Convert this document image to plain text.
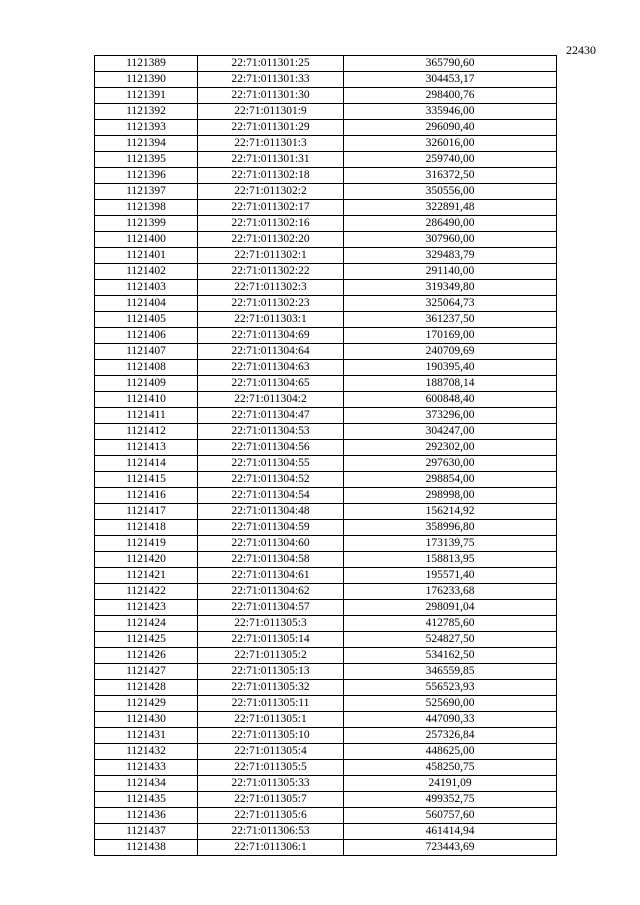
22430
1121389	22:71:011301:25	365790,60
1121390	22:71:011301:33	304453,17
1121391	22:71:011301:30	298400,76
1121392	22:71:011301:9	335946,00
1121393	22:71:011301:29	296090,40
1121394	22:71:011301:3	326016,00
1121395	22:71:011301:31	259740,00
1121396	22:71:011302:18	316372,50
1121397	22:71:011302:2	350556,00
1121398	22:71:011302:17	322891,48
1121399	22:71:011302:16	286490,00
1121400	22:71:011302:20	307960,00
1121401	22:71:011302:1	329483,79
1121402	22:71:011302:22	291140,00
1121403	22:71:011302:3	319349,80
1121404	22:71:011302:23	325064,73
1121405	22:71:011303:1	361237,50
1121406	22:71:011304:69	170169,00
1121407	22:71:011304:64	240709,69
1121408	22:71:011304:63	190395,40
1121409	22:71:011304:65	188708,14
1121410	22:71:011304:2	600848,40
1121411	22:71:011304:47	373296,00
1121412	22:71:011304:53	304247,00
1121413	22:71:011304:56	292302,00
1121414	22:71:011304:55	297630,00
1121415	22:71:011304:52	298854,00
1121416	22:71:011304:54	298998,00
1121417	22:71:011304:48	156214,92
1121418	22:71:011304:59	358996,80
1121419	22:71:011304:60	173139,75
1121420	22:71:011304:58	158813,95
1121421	22:71:011304:61	195571,40
1121422	22:71:011304:62	176233,68
1121423	22:71:011304:57	298091,04
1121424	22:71:011305:3	412785,60
1121425	22:71:011305:14	524827,50
1121426	22:71:011305:2	534162,50
1121427	22:71:011305:13	346559,85
1121428	22:71:011305:32	556523,93
1121429	22:71:011305:11	525690,00
1121430	22:71:011305:1	447090,33
1121431	22:71:011305:10	257326,84
1121432	22:71:011305:4	448625,00
1121433	22:71:011305:5	458250,75
1121434	22:71:011305:33	24191,09
1121435	22:71:011305:7	499352,75
1121436	22:71:011305:6	560757,60
1121437	22:71:011306:53	461414,94
1121438	22:71:011306:1	723443,69
